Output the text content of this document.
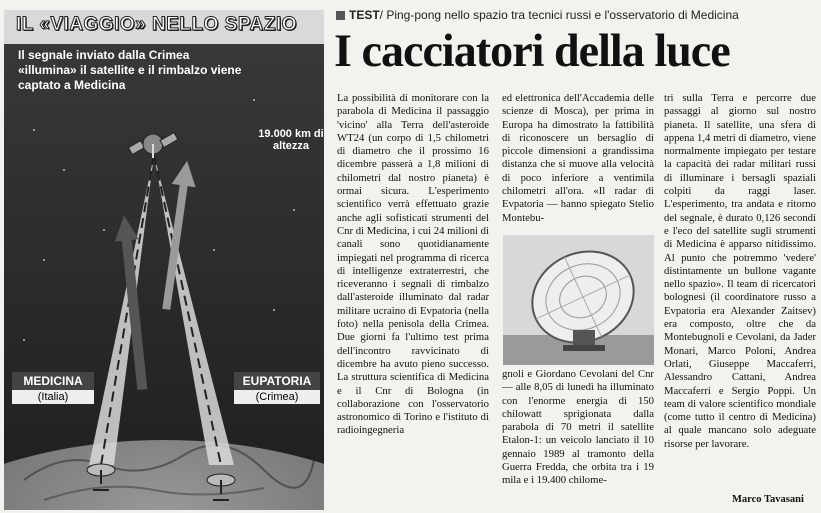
IL «VIAGGIO» NELLO SPAZIO
Il segnale inviato dalla Crimea «illumina» il satellite e il rimbalzo viene captato a Medicina
19.000 km di altezza
MEDICINA
(Italia)
EUPATORIA
(Crimea)
TEST/ Ping-pong nello spazio tra tecnici russi e l'osservatorio di Medicina
I cacciatori della luce

La possibilità di monitorare con la parabola di Medicina il passaggio 'vicino' alla Terra dell'asteroide WT24 (un corpo di 1,5 chilometri di diametro che il prossimo 16 dicembre passerà a 1,8 milioni di chilometri dal nostro pianeta) è ormai sicura. L'esperimento scientifico verrà effettuato grazie anche agli sofisticati strumenti del Cnr di Medicina, i cui 24 milioni di canali sono quotidianamente impiegati nel programma di ricerca di intelligenze extraterrestri, che riceveranno i segnali di rimbalzo dall'asteroide illuminato dal radar militare ucraino di Evpatoria (nella foto) nella penisola della Crimea. Due giorni fa l'ultimo test prima dell'incontro ravvicinato di dicembre ha avuto pieno successo. La struttura scientifica di Medicina e il Cnr di Bologna (in collaborazione con l'osservatorio astronomico di Torino e l'istituto di radioingegneria

ed elettronica dell'Accademia delle scienze di Mosca), per prima in Europa ha dimostrato la fattibilità di riconoscere un bersaglio di piccole dimensioni a grandissima distanza che si muove alla velocità di poco inferiore a ventimila chilometri all'ora. «Il radar di Evpatoria — hanno spiegato Stelio Montebu-

gnoli e Giordano Cevolani del Cnr — alle 8,05 di lunedì ha illuminato con l'enorme energia di 150 chilowatt sprigionata dalla parabola di 70 metri il satellite Etalon-1: un veicolo lanciato il 10 gennaio 1989 al tramonto della Guerra Fredda, che orbita tra i 19 mila e i 19.400 chilome-

tri sulla Terra e percorre due passaggi al giorno sul nostro pianeta. Il satellite, una sfera di appena 1,4 metri di diametro, viene normalmente impiegato per testare la capacità dei radar militari russi di illuminare i bersagli spaziali colpiti da raggi laser. L'esperimento, tra andata e ritorno del segnale, è durato 0,126 secondi e l'eco del satellite sugli strumenti di Medicina è apparso nitidissimo. Al punto che potremmo 'vedere' distintamente un bullone vagante nello spazio». Il team di ricercatori bolognesi (il coordinatore russo a Evpatoria era Alexander Zaitsev) era composto, oltre che da Montebugnoli e Cevolani, da Jader Monari, Marco Poloni, Andrea Orlati, Giuseppe Maccaferri, Alessandro Cattani, Andrea Maccaferri e Sergio Poppi. Un team di valore scientifico mondiale (come tutto il centro di Medicina) al quale mancano solo adeguate risorse per lavorare.

Marco Tavasani
